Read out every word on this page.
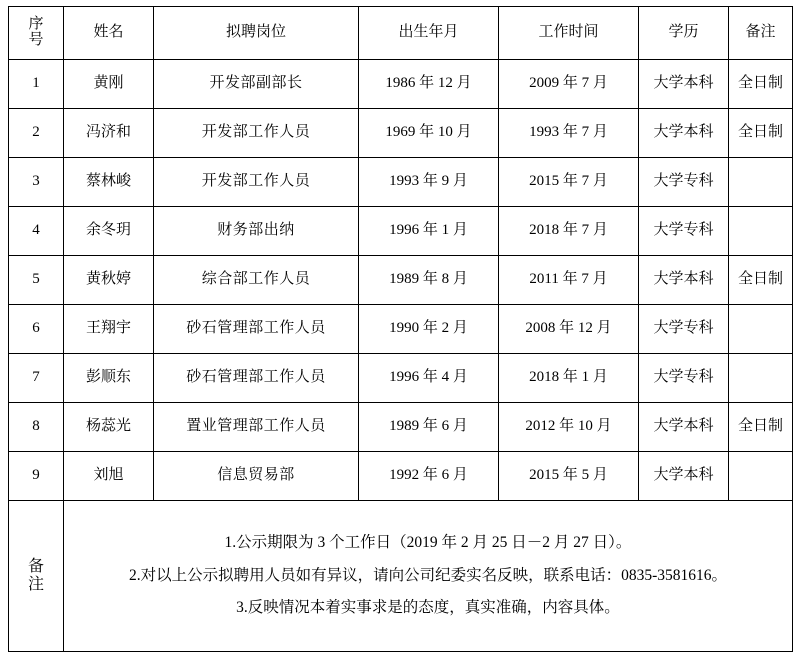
序
号	姓名	拟聘岗位	出生年月	工作时间	学历	备注
1	黄刚	开发部副部长	1986 年 12 月	2009 年 7 月	大学本科	全日制
2	冯济和	开发部工作人员	1969 年 10 月	1993 年 7 月	大学本科	全日制
3	蔡林峻	开发部工作人员	1993 年 9 月	2015 年 7 月	大学专科	
4	余冬玥	财务部出纳	1996 年 1 月	2018 年 7 月	大学专科	
5	黄秋婷	综合部工作人员	1989 年 8 月	2011 年 7 月	大学本科	全日制
6	王翔宇	砂石管理部工作人员	1990 年 2 月	2008 年 12 月	大学专科	
7	彭顺东	砂石管理部工作人员	1996 年 4 月	2018 年 1 月	大学专科	
8	杨蕊光	置业管理部工作人员	1989 年 6 月	2012 年 10 月	大学本科	全日制
9	刘旭	信息贸易部	1992 年 6 月	2015 年 5 月	大学本科	

备
注

1.公示期限为 3 个工作日（2019 年 2 月 25 日－2 月 27 日）。

2.对以上公示拟聘用人员如有异议，请向公司纪委实名反映，联系电话：0835-3581616。

3.反映情况本着实事求是的态度，真实准确，内容具体。
